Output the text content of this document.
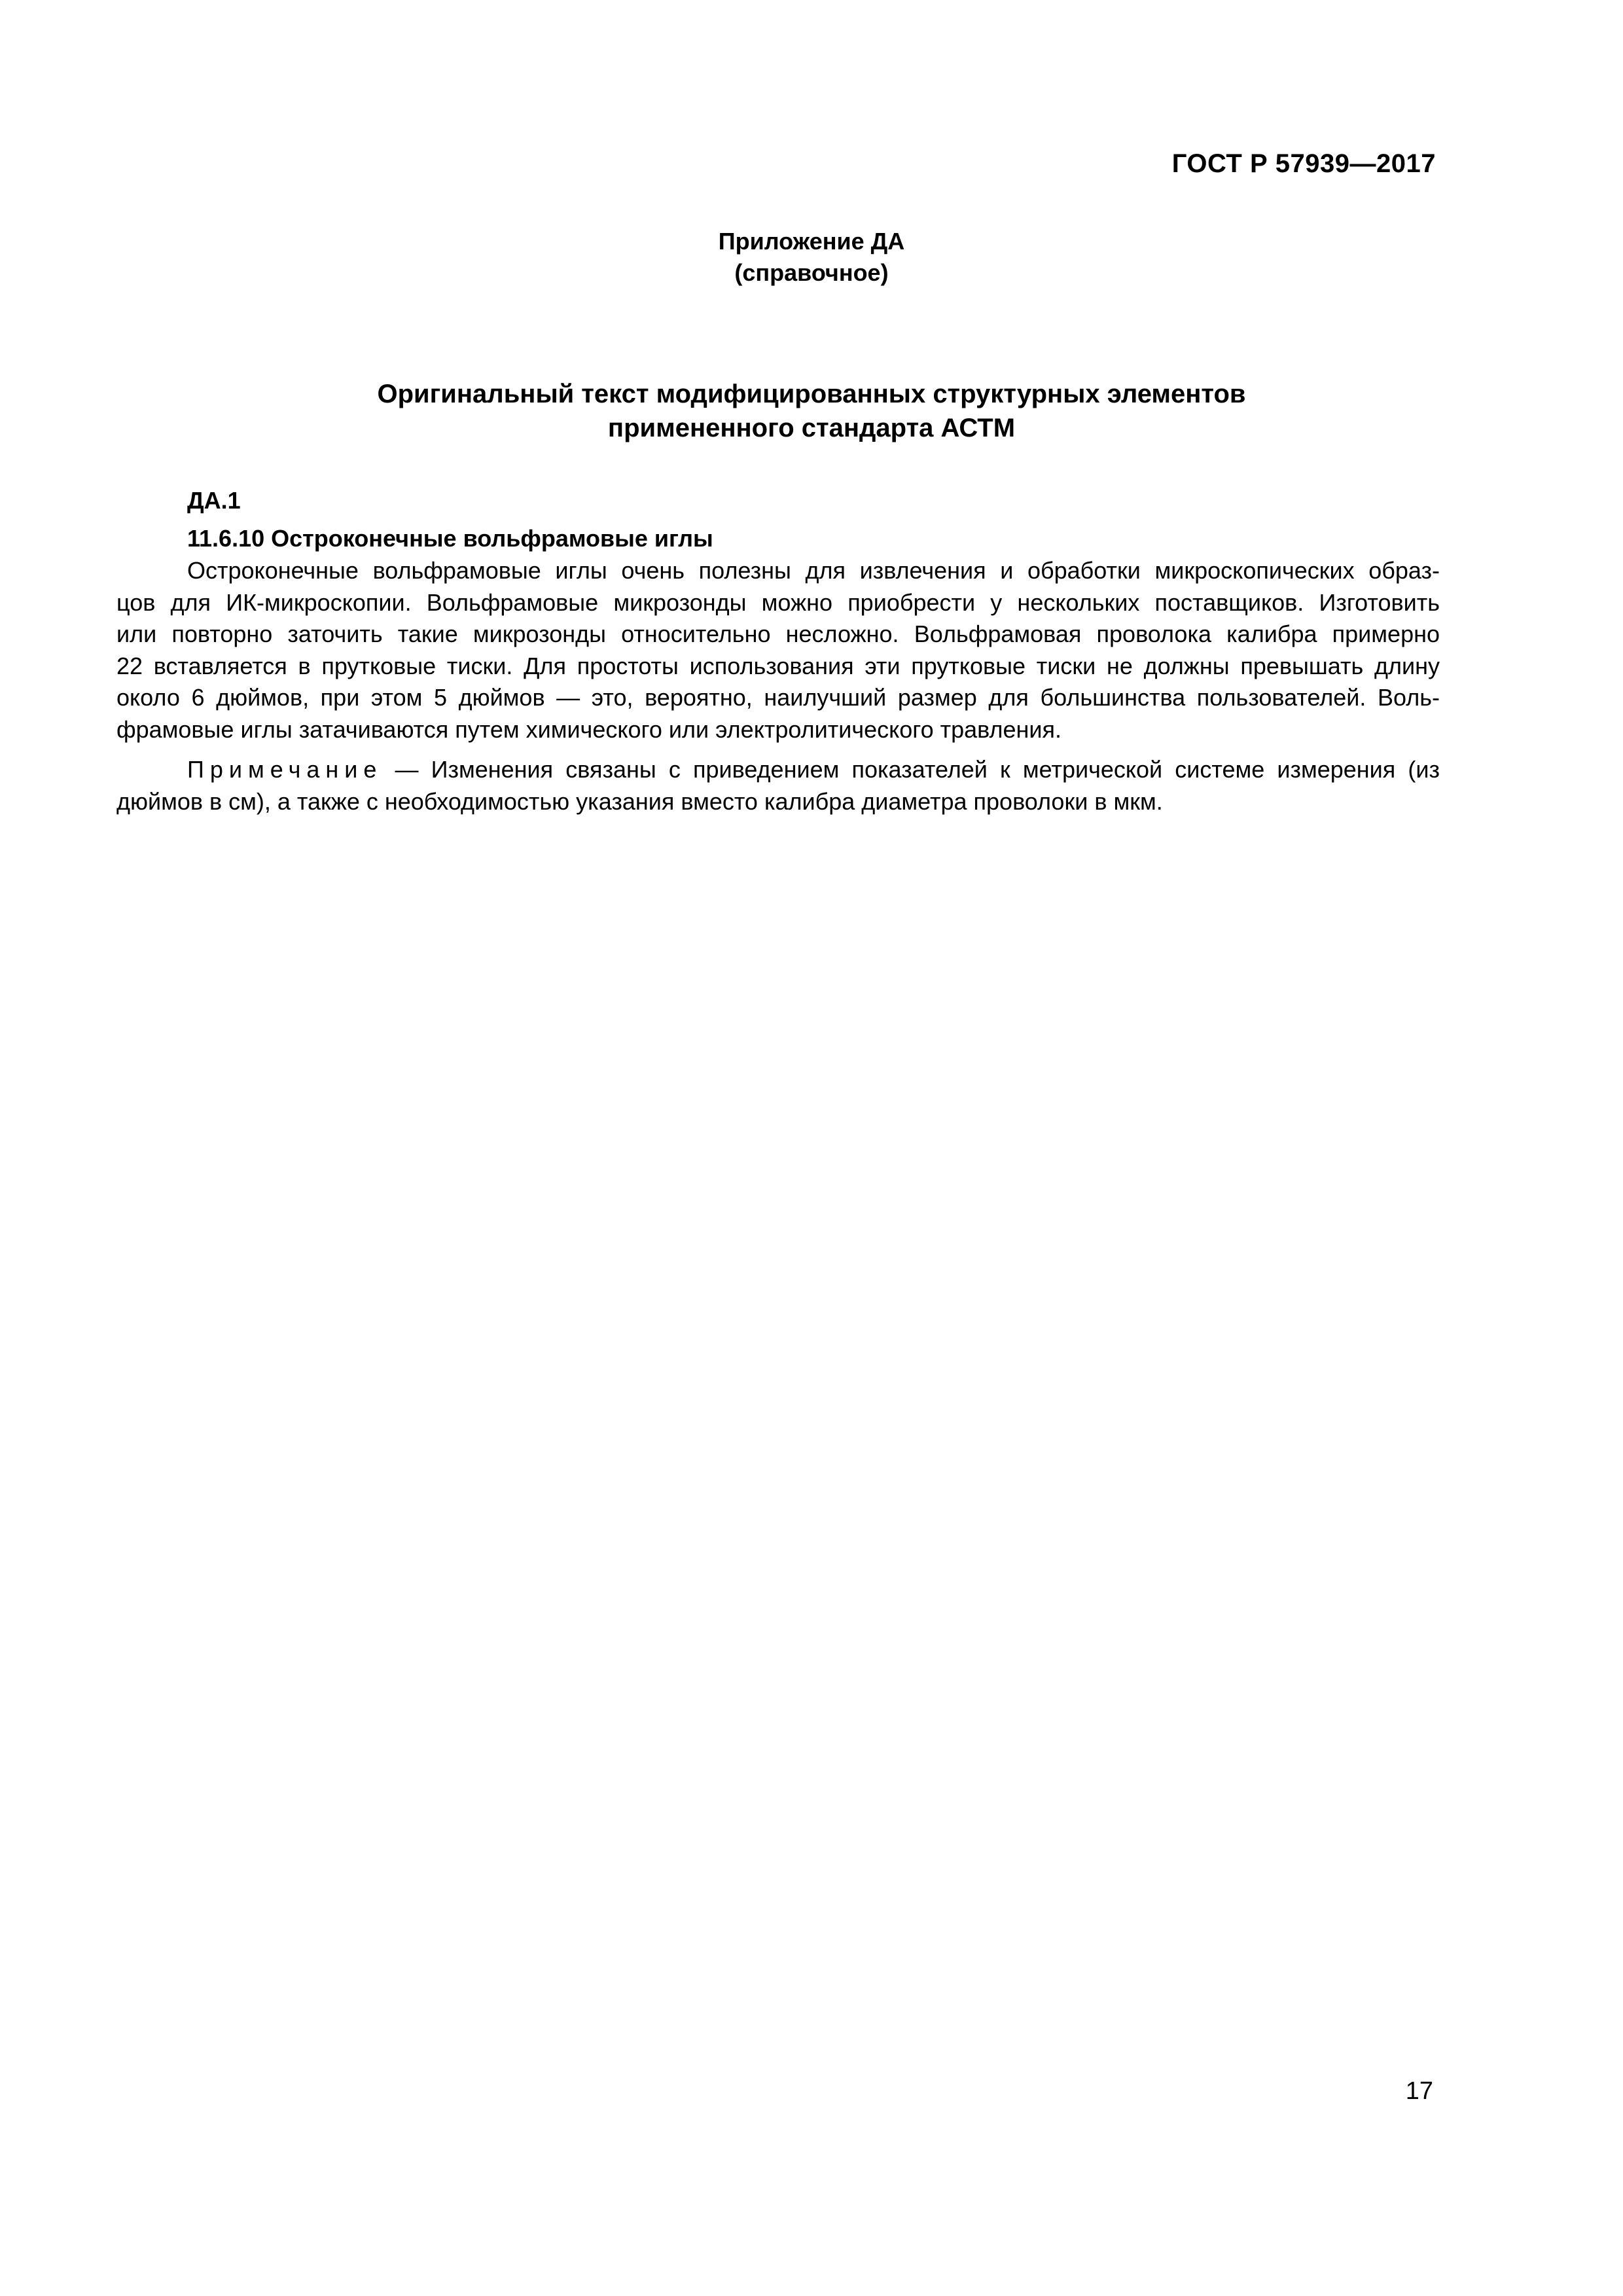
ГОСТ Р 57939—2017
Приложение ДА
(справочное)
Оригинальный текст модифицированных структурных элементов
примененного стандарта АСТМ
ДА.1
11.6.10 Остроконечные вольфрамовые иглы
Остроконечные вольфрамовые иглы очень полезны для извлечения и обработки микроскопических образ-
цов для ИК-микроскопии. Вольфрамовые микрозонды можно приобрести у нескольких поставщиков. Изготовить
или повторно заточить такие микрозонды относительно несложно. Вольфрамовая проволока калибра примерно
22 вставляется в прутковые тиски. Для простоты использования эти прутковые тиски не должны превышать длину
около 6 дюймов, при этом 5 дюймов — это, вероятно, наилучший размер для большинства пользователей. Воль-
фрамовые иглы затачиваются путем химического или электролитического травления.
Примечание — Изменения связаны с приведением показателей к метрической системе измерения (из
дюймов в см), а также с необходимостью указания вместо калибра диаметра проволоки в мкм.
17
